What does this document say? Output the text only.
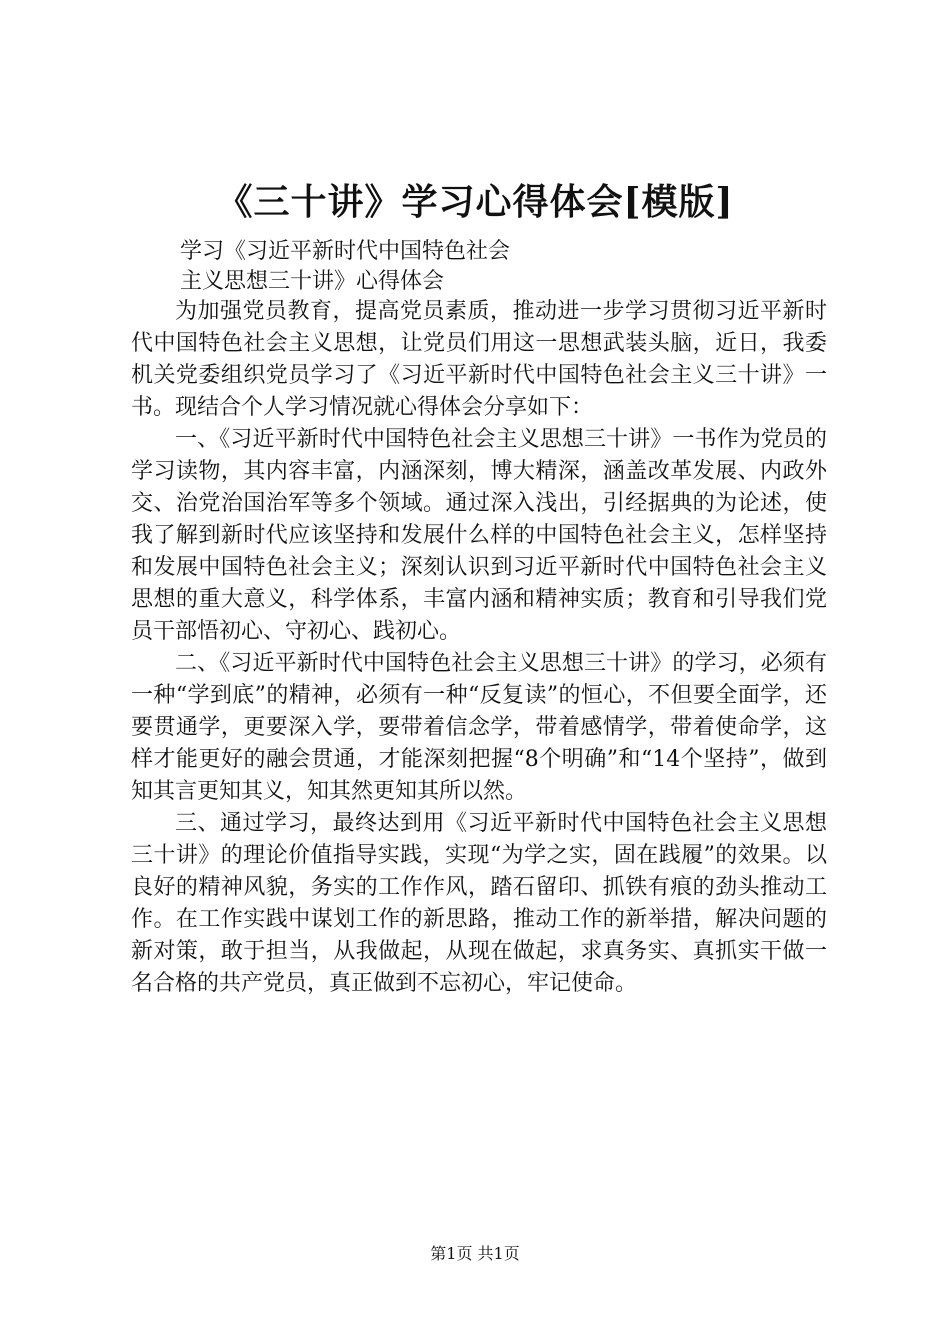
《三十讲》学习心得体会[模版]
学习《习近平新时代中国特色社会
主义思想三十讲》心得体会

为加强党员教育，提高党员素质，推动进一步学习贯彻习近平新时代中国特色社会主义思想，让党员们用这一思想武装头脑，近日，我委机关党委组织党员学习了《习近平新时代中国特色社会主义三十讲》一书。现结合个人学习情况就心得体会分享如下：

一、《习近平新时代中国特色社会主义思想三十讲》一书作为党员的学习读物，其内容丰富，内涵深刻，博大精深，涵盖改革发展、内政外交、治党治国治军等多个领域。通过深入浅出，引经据典的为论述，使我了解到新时代应该坚持和发展什么样的中国特色社会主义，怎样坚持和发展中国特色社会主义；深刻认识到习近平新时代中国特色社会主义思想的重大意义，科学体系，丰富内涵和精神实质；教育和引导我们党员干部悟初心、守初心、践初心。

二、《习近平新时代中国特色社会主义思想三十讲》的学习，必须有一种“学到底”的精神，必须有一种“反复读”的恒心，不但要全面学，还要贯通学，更要深入学，要带着信念学，带着感情学，带着使命学，这样才能更好的融会贯通，才能深刻把握“8个明确”和“14个坚持”，做到知其言更知其义，知其然更知其所以然。

三、通过学习，最终达到用《习近平新时代中国特色社会主义思想三十讲》的理论价值指导实践，实现“为学之实，固在践履”的效果。以良好的精神风貌，务实的工作作风，踏石留印、抓铁有痕的劲头推动工作。在工作实践中谋划工作的新思路，推动工作的新举措，解决问题的新对策，敢于担当，从我做起，从现在做起，求真务实、真抓实干做一名合格的共产党员，真正做到不忘初心，牢记使命。

第1页 共1页
